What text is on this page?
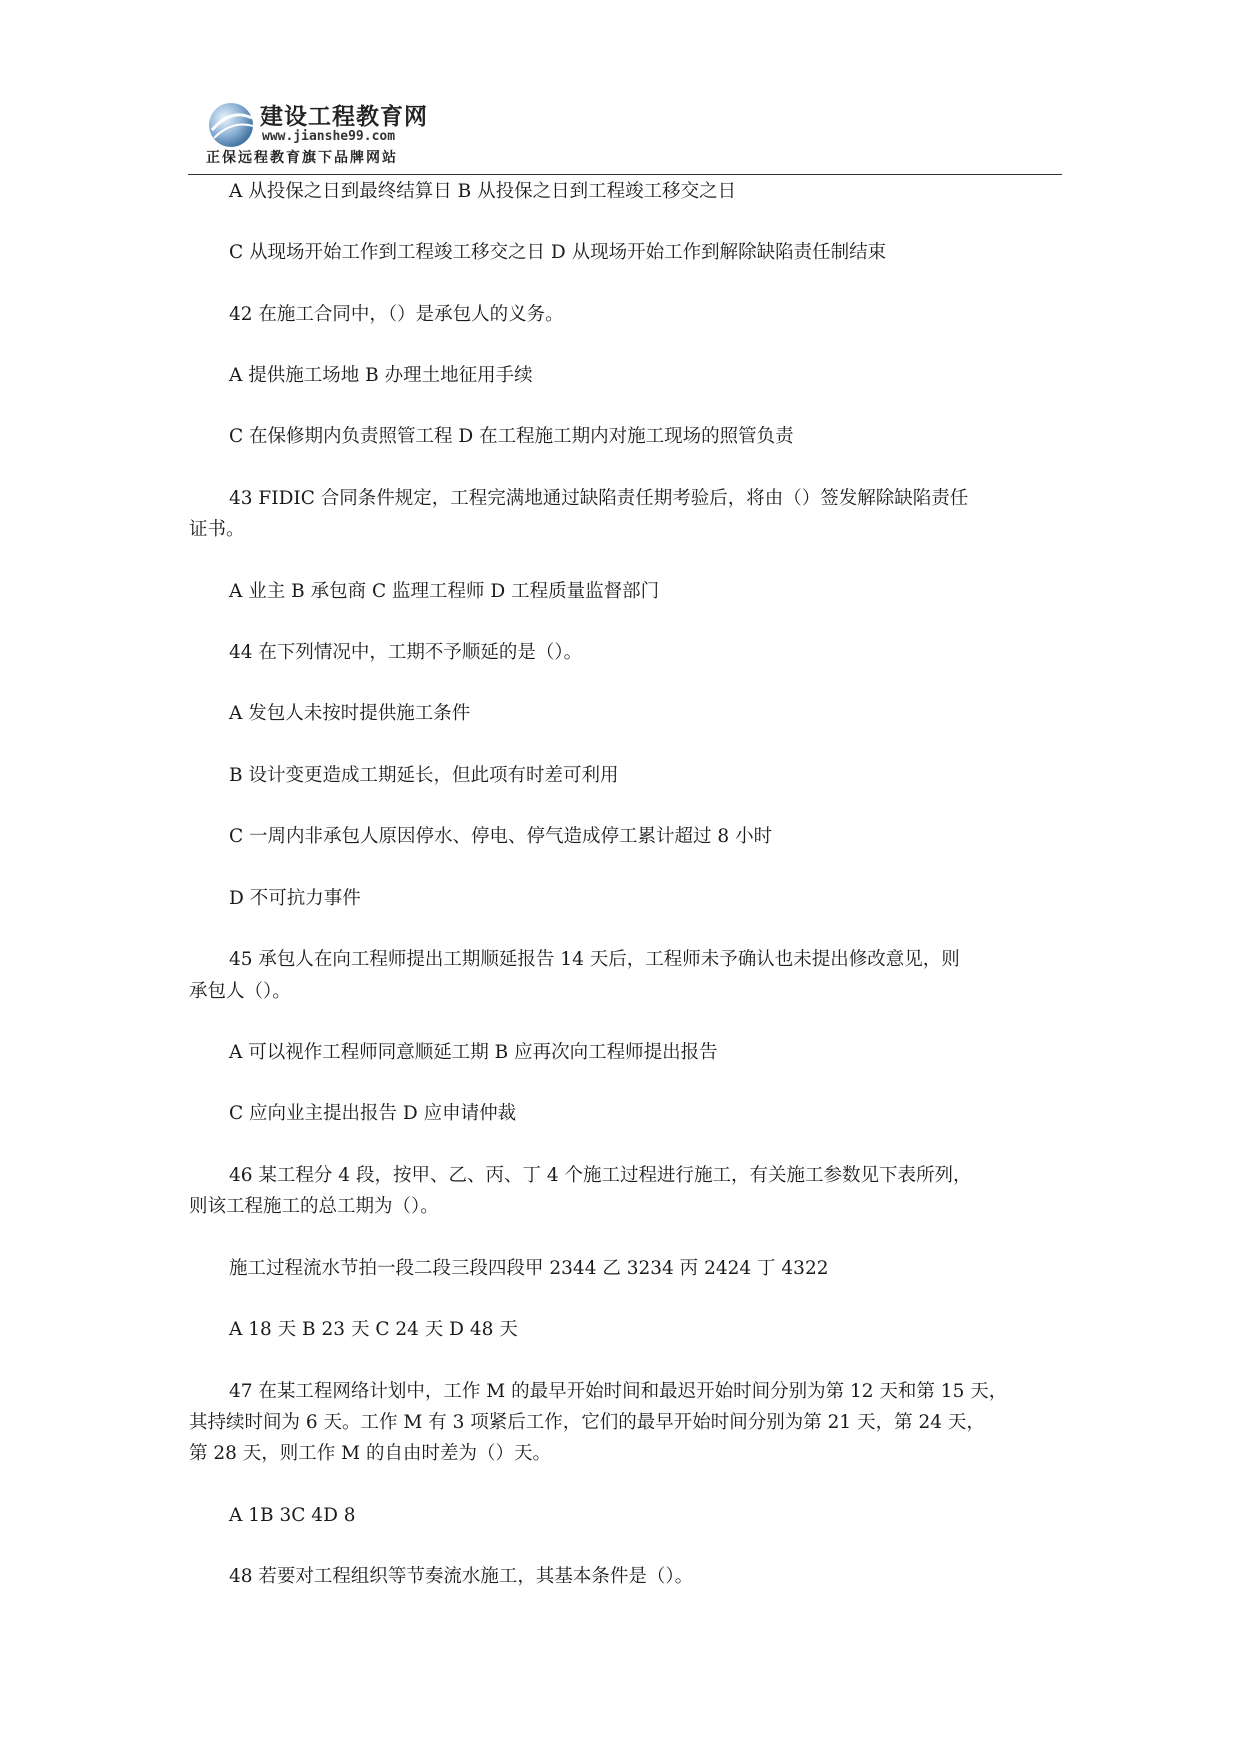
建设工程教育网
www.jianshe99.com
正保远程教育旗下品牌网站
A 从投保之日到最终结算日 B 从投保之日到工程竣工移交之日
C 从现场开始工作到工程竣工移交之日 D 从现场开始工作到解除缺陷责任制结束
42 在施工合同中，（）是承包人的义务。
A 提供施工场地 B 办理土地征用手续
C 在保修期内负责照管工程 D 在工程施工期内对施工现场的照管负责
43 FIDIC 合同条件规定，工程完满地通过缺陷责任期考验后，将由（）签发解除缺陷责任
证书。
A 业主 B 承包商 C 监理工程师 D 工程质量监督部门
44 在下列情况中，工期不予顺延的是（）。
A 发包人未按时提供施工条件
B 设计变更造成工期延长，但此项有时差可利用
C 一周内非承包人原因停水、停电、停气造成停工累计超过 8 小时
D 不可抗力事件
45 承包人在向工程师提出工期顺延报告 14 天后，工程师未予确认也未提出修改意见，则
承包人（）。
A 可以视作工程师同意顺延工期 B 应再次向工程师提出报告
C 应向业主提出报告 D 应申请仲裁
46 某工程分 4 段，按甲、乙、丙、丁 4 个施工过程进行施工，有关施工参数见下表所列，
则该工程施工的总工期为（）。
施工过程流水节拍一段二段三段四段甲 2344 乙 3234 丙 2424 丁 4322
A 18 天 B 23 天 C 24 天 D 48 天
47 在某工程网络计划中，工作 M 的最早开始时间和最迟开始时间分别为第 12 天和第 15 天，
其持续时间为 6 天。工作 M 有 3 项紧后工作，它们的最早开始时间分别为第 21 天，第 24 天，
第 28 天，则工作 M 的自由时差为（）天。
A 1B 3C 4D 8
48 若要对工程组织等节奏流水施工，其基本条件是（）。
